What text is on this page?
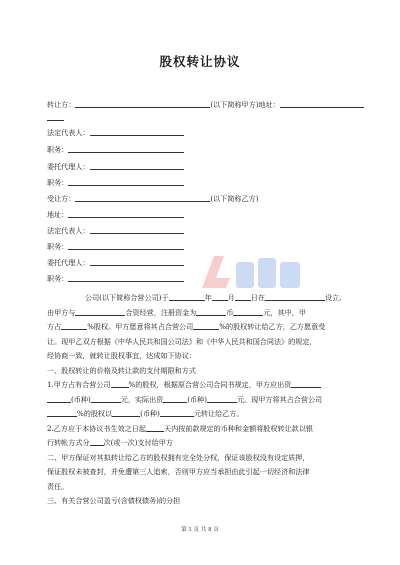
股权转让协议
转让方：	(以下简称甲方)地址：
法定代表人：
职务：
委托代理人：
职务：
受让方：	(以下简称乙方)
地址：
法定代表人：
职务：
委托代理人：
职务：
公司(以下简称合营公司)于	年 月 日在	设立,
由甲方与	合资经营，注册资金为	币	元，其中，甲
方占	%股权。甲方愿意将其占合营公司	%的股权转让给乙方，乙方愿意受
让。现甲乙双方根据《中华人民共和国公司法》和《中华人民共和国合同法》的规定，
经协商一致，就转让股权事宜，达成如下协议：
一、股权转让的价格及转让款的支付期限和方式
1.甲方占有合营公司	%的股权，根据原合营公司合同书规定，甲方应出资
(币种)	元，实际出资	(币种)	元。现甲方将其占合营公司
%的股权以	(币种)	元转让给乙方。
2.乙方应于本协议书生效之日起	天内按前款规定的币种和金额将股权转让款以银
行转帐方式分 次(或一次)支付给甲方
二、甲方保证对其拟转让给乙方的股权拥有完全处分权，保证该股权没有设定质押，
保证股权未被查封，并免遭第三人追索，否则甲方应当承担由此引起一切经济和法律
责任。
三、有关合营公司盈亏(含债权债务)的分担
第 1 页 共 8 页
